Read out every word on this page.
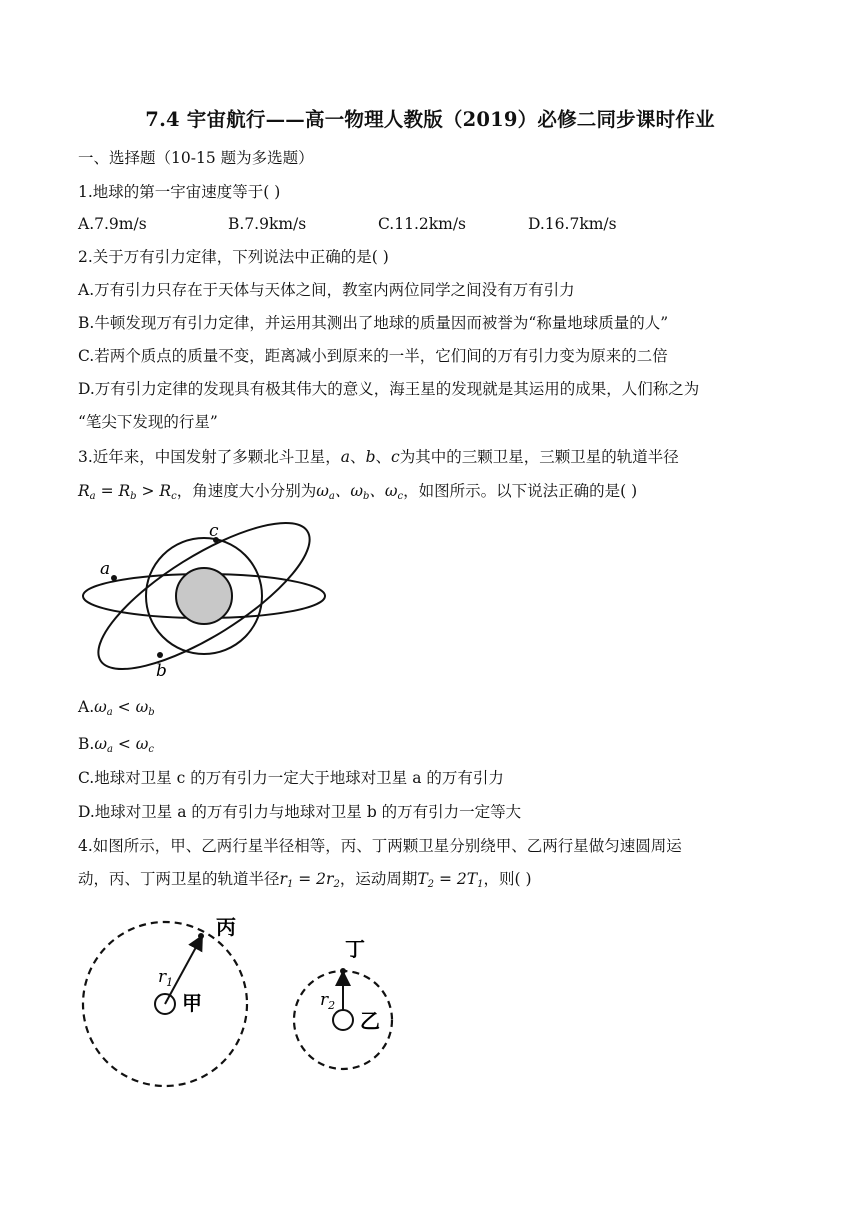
7.4 宇宙航行——高一物理人教版（2019）必修二同步课时作业
一、选择题（10-15 题为多选题）
1.地球的第一宇宙速度等于( )
A.7.9m/s	B.7.9km/s	C.11.2km/s	D.16.7km/s
2.关于万有引力定律，下列说法中正确的是( )
A.万有引力只存在于天体与天体之间，教室内两位同学之间没有万有引力
B.牛顿发现万有引力定律，并运用其测出了地球的质量因而被誉为“称量地球质量的人”
C.若两个质点的质量不变，距离减小到原来的一半，它们间的万有引力变为原来的二倍
D.万有引力定律的发现具有极其伟大的意义，海王星的发现就是其运用的成果，人们称之为
“笔尖下发现的行星”
3.近年来，中国发射了多颗北斗卫星，a、b、c为其中的三颗卫星，三颗卫星的轨道半径
$R_a = R_b > R_c$，角速度大小分别为$\omega_a$、$\omega_b$、$\omega_c$，如图所示。以下说法正确的是( )
a
b
c
$A.\omega_a < \omega_b$
$B.\omega_a < \omega_c$
C.地球对卫星 c 的万有引力一定大于地球对卫星 a 的万有引力
D.地球对卫星 a 的万有引力与地球对卫星 b 的万有引力一定等大
4.如图所示，甲、乙两行星半径相等，丙、丁两颗卫星分别绕甲、乙两行星做匀速圆周运
动，丙、丁两卫星的轨道半径$r_1 = 2r_2$，运动周期$T_2 = 2T_1$，则( )
丙
$r_1$
甲
丁
$r_2$
乙
